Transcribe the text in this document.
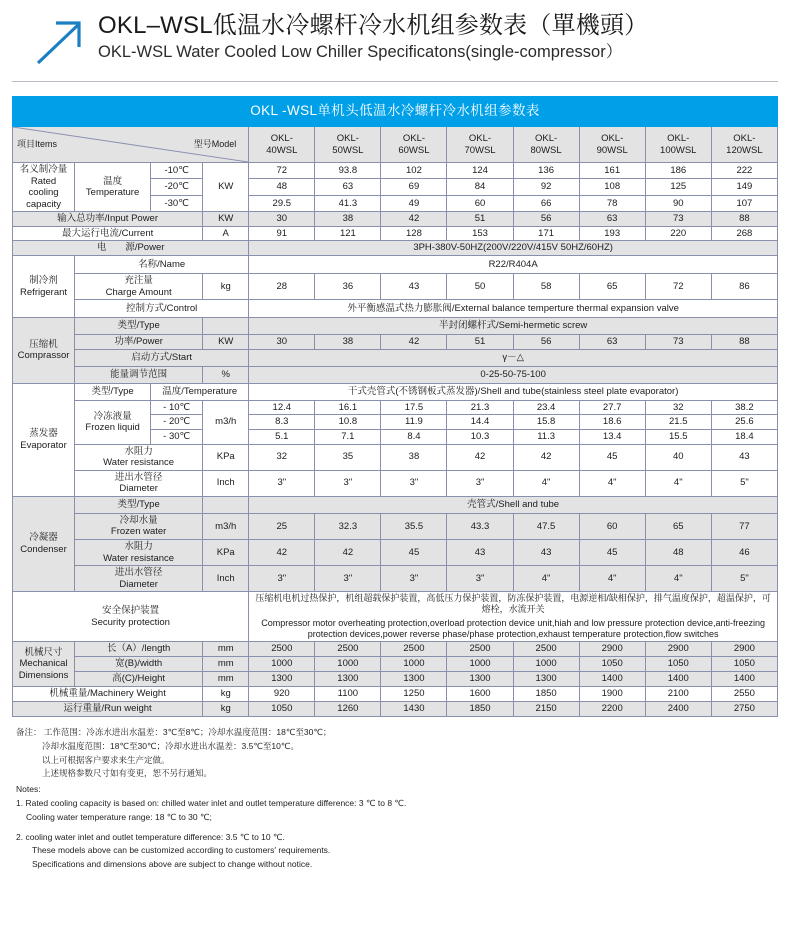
OKL–WSL低温水冷螺杆冷水机组参数表（單機頭）
OKL-WSL Water Cooled Low Chiller Specificatons(single-compressor）
OKL -WSL单机头低温水冷螺杆冷水机组参数表											

项目Items 型号Model				OKL-
40WSL	OKL-
50WSL	OKL-
60WSL	OKL-
70WSL	OKL-
80WSL	OKL-
90WSL	OKL-
100WSL	OKL-
120WSL

名义制冷量
Rated cooling capacity	温度
Temperature	-10℃	KW	72	93.8	102	124	136	161	186	222
		-20℃		48	63	69	84	92	108	125	149
		-30℃		29.5	41.3	49	60	66	78	90	107
输入总功率/Input Power			KW	30	38	42	51	56	63	73	88
最大运行电流/Current			A	91	121	128	153	171	193	220	268
电　　源/Power				3PH-380V-50HZ(200V/220V/415V 50HZ/60HZ)							

制冷剂
Refrigerant	名称/Name			R22/R404A							

	充注量
Charge Amount		kg	28	36	43	50	58	65	72	86
	控制方式/Control			外平衡感温式热力膨胀阀/External balance temperture thermal expansion valve							

压缩机
Comprassor	类型/Type			半封闭螺杆式/Semi-hermetic screw							
	功率/Power		KW	30	38	42	51	56	63	73	88
	启动方式/Start			γ－△							
	能量调节范围		%	0-25-50-75-100							

蒸发器
Evaporator	类型/Type	温度/Temperature		干式壳管式(不锈钢板式蒸发器)/Shell and tube(stainless steel plate evaporator)							

	冷冻液量
Frozen liquid	- 10℃	m3/h	12.4	16.1	17.5	21.3	23.4	27.7	32	38.2
		- 20℃		8.3	10.8	11.9	14.4	15.8	18.6	21.5	25.6
		- 30℃		5.1	7.1	8.4	10.3	11.3	13.4	15.5	18.4

	水阻力
Water resistance		KPa	32	35	38	42	42	45	40	43

	进出水管径
Diameter		Inch	3"	3"	3"	3"	4"	4"	4"	5"

冷凝器
Condenser	类型/Type			壳管式/Shell and tube							

	冷却水量
Frozen water		m3/h	25	32.3	35.5	43.3	47.5	60	65	77

	水阻力
Water resistance		KPa	42	42	45	43	43	45	48	46

	进出水管径
Diameter		Inch	3"	3"	3"	3"	4"	4"	4"	5"

安全保护装置
Security protection				压缩机电机过热保护，机组超载保护装置，高低压力保护装置，防冻保护装置，电源逆相/缺相保护，排气温度保护，超温保护，可熔栓，水流开关
Compressor motor overheating protection,overload protection device unit,hiah and low pressure protection device,anti-freezing protection devices,power reverse phase/phase protection,exhaust temperature protection,flow switches							

机械尺寸
Mechanical Dimensions	长（A）/length		mm	2500	2500	2500	2500	2500	2900	2900	2900
	宽(B)/width		mm	1000	1000	1000	1000	1000	1050	1050	1050
	高(C)/Height		mm	1300	1300	1300	1300	1300	1400	1400	1400
机械重量/Machinery Weight			kg	920	1100	1250	1600	1850	1900	2100	2550
运行重量/Run weight			kg	1050	1260	1430	1850	2150	2200	2400	2750
备注： 工作范围：冷冻水进出水温差：3℃至8℃；冷却水温度范围：18℃至30℃；
冷却水温度范围：18℃至30℃；冷却水进出水温差：3.5℃至10℃。
以上可根据客户要求来生产定做。
上述规格参数尺寸如有变更，恕不另行通知。
Notes:
1. Rated cooling capacity is based on: chilled water inlet and outlet temperature difference: 3 ℃ to 8 ℃.
Cooling water temperature range: 18 ℃ to 30 ℃;
2. cooling water inlet and outlet temperature difference: 3.5 ℃ to 10 ℃.
These models above can be customized according to customers′ requirements.
Specifications and dimensions above are subject to change without notice.
